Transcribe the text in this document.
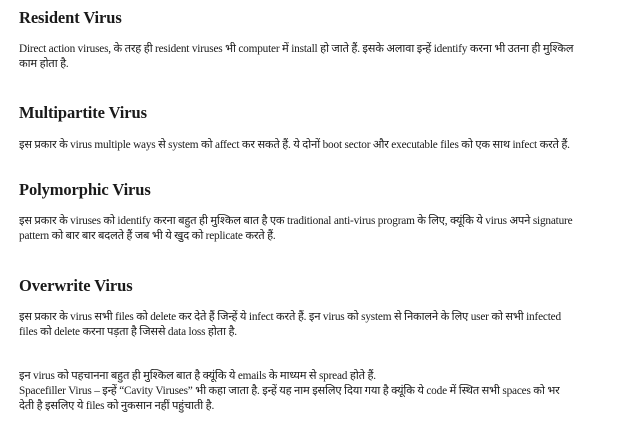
Resident Virus

Direct action viruses, के तरह ही resident viruses भी computer में install हो जाते हैं. इसके अलावा इन्हें identify करना भी उतना ही मुश्किल
काम होता है.

Multipartite Virus

इस प्रकार के virus multiple ways से system को affect कर सकते हैं. ये दोनों boot sector और executable files को एक साथ infect करते हैं.

Polymorphic Virus

इस प्रकार के viruses को identify करना बहुत ही मुश्किल बात है एक traditional anti-virus program के लिए, क्यूंकि ये virus अपने signature
pattern को बार बार बदलते हैं जब भी ये खुद को replicate करते हैं.

Overwrite Virus

इस प्रकार के virus सभी files को delete कर देते हैं जिन्हें ये infect करते हैं. इन virus को system से निकालने के लिए user को सभी infected
files को delete करना पड़ता है जिससे data loss होता है.

इन virus को पहचानना बहुत ही मुश्किल बात है क्यूंकि ये emails के माध्यम से spread होते हैं.
Spacefiller Virus – इन्हें “Cavity Viruses” भी कहा जाता है. इन्हें यह नाम इसलिए दिया गया है क्यूंकि ये code में स्थित सभी spaces को भर
देती है इसलिए ये files को नुकसान नहीं पहुंचाती है.
